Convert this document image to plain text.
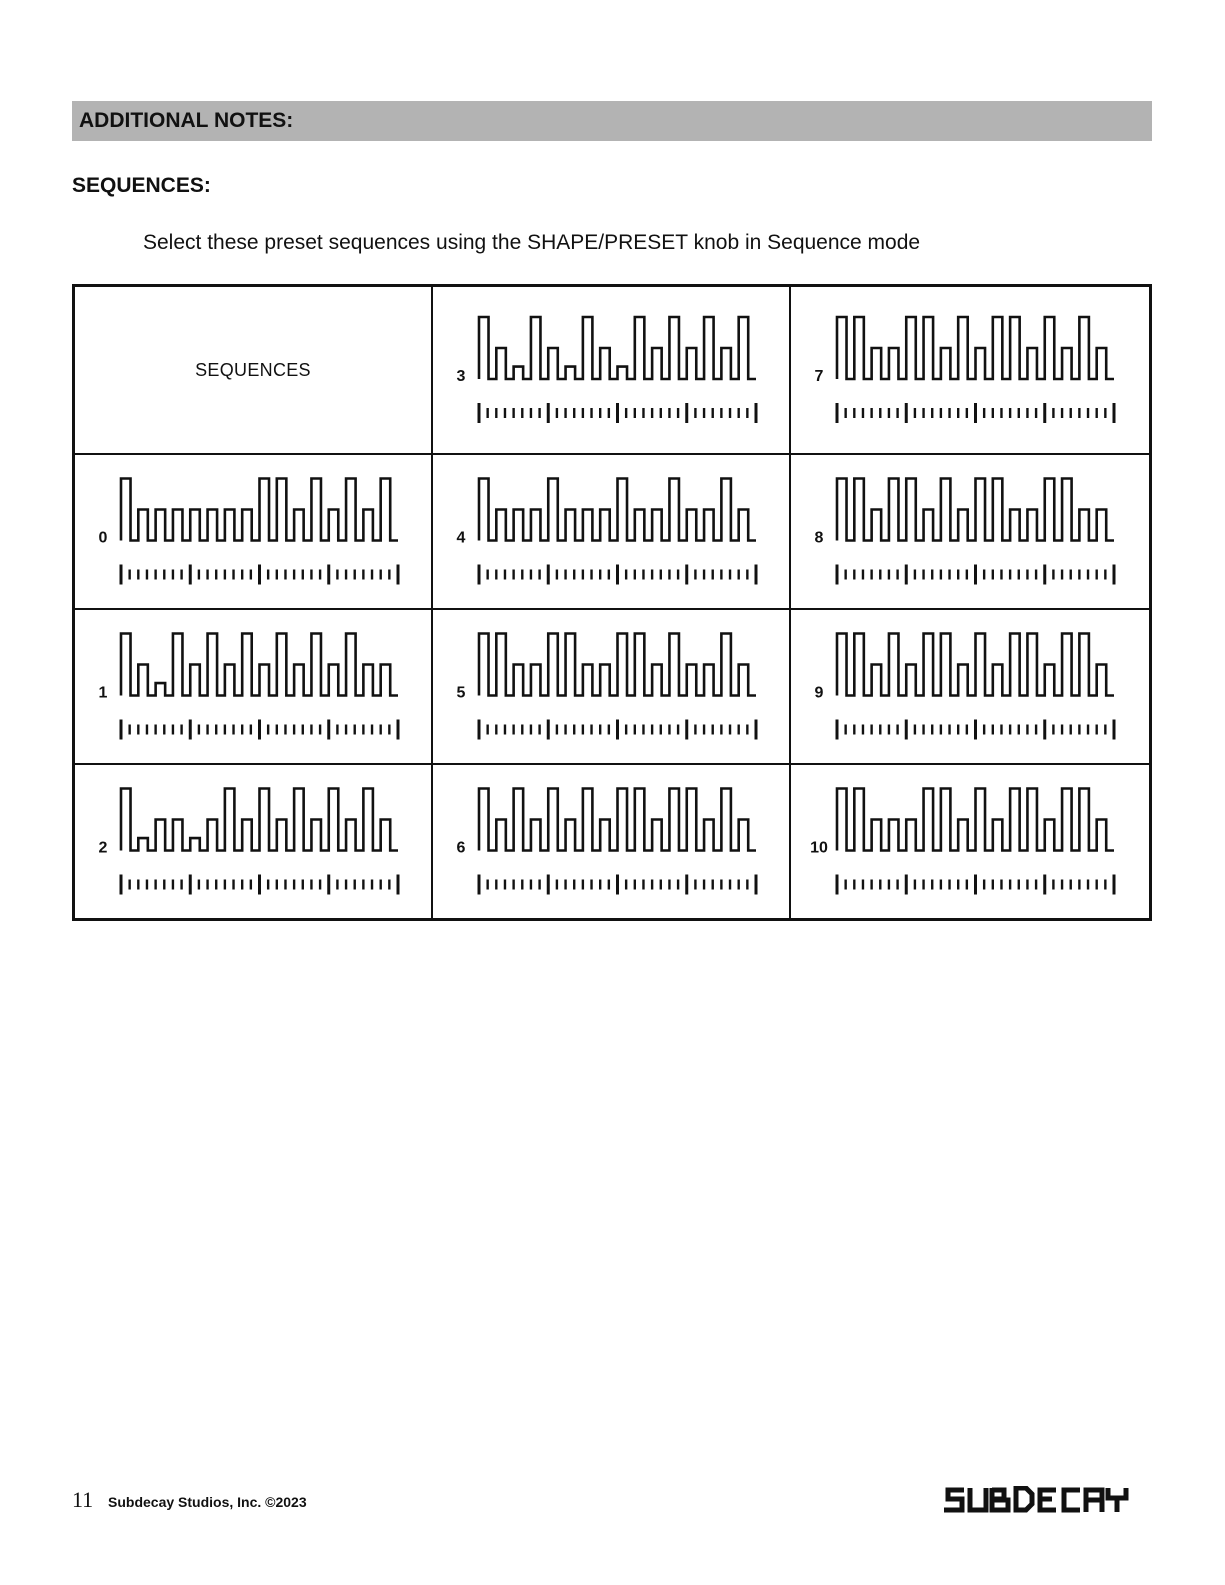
ADDITIONAL NOTES:
SEQUENCES:
Select these preset sequences using the SHAPE/PRESET knob in Sequence mode
SEQUENCES
0
1
2
3
4
5
6
7
8
9
10
11 Subdecay Studios, Inc. ©2023
